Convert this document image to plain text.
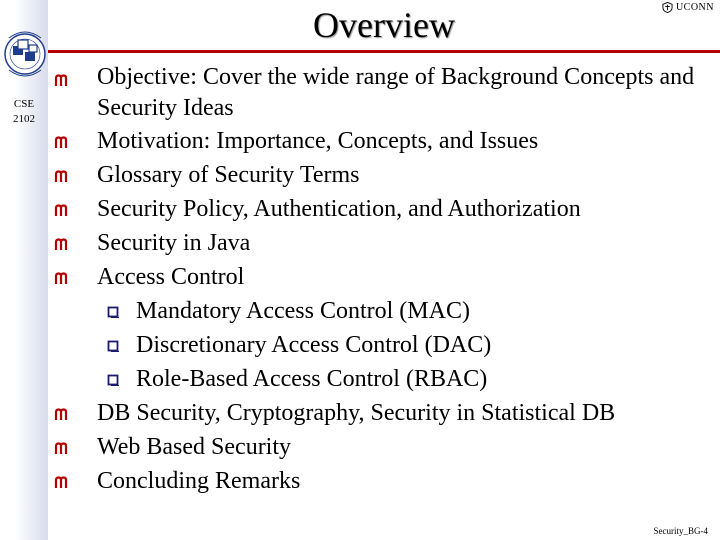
CSE
2102
UCONN
Overview
Objective: Cover the wide range of Background Concepts and Security Ideas
Motivation: Importance, Concepts, and Issues
Glossary of Security Terms
Security Policy, Authentication, and Authorization
Security in Java
Access Control
Mandatory Access Control (MAC)
Discretionary Access Control (DAC)
Role-Based Access Control (RBAC)
DB Security, Cryptography, Security in Statistical DB
Web Based Security
Concluding Remarks
Security_BG-4
